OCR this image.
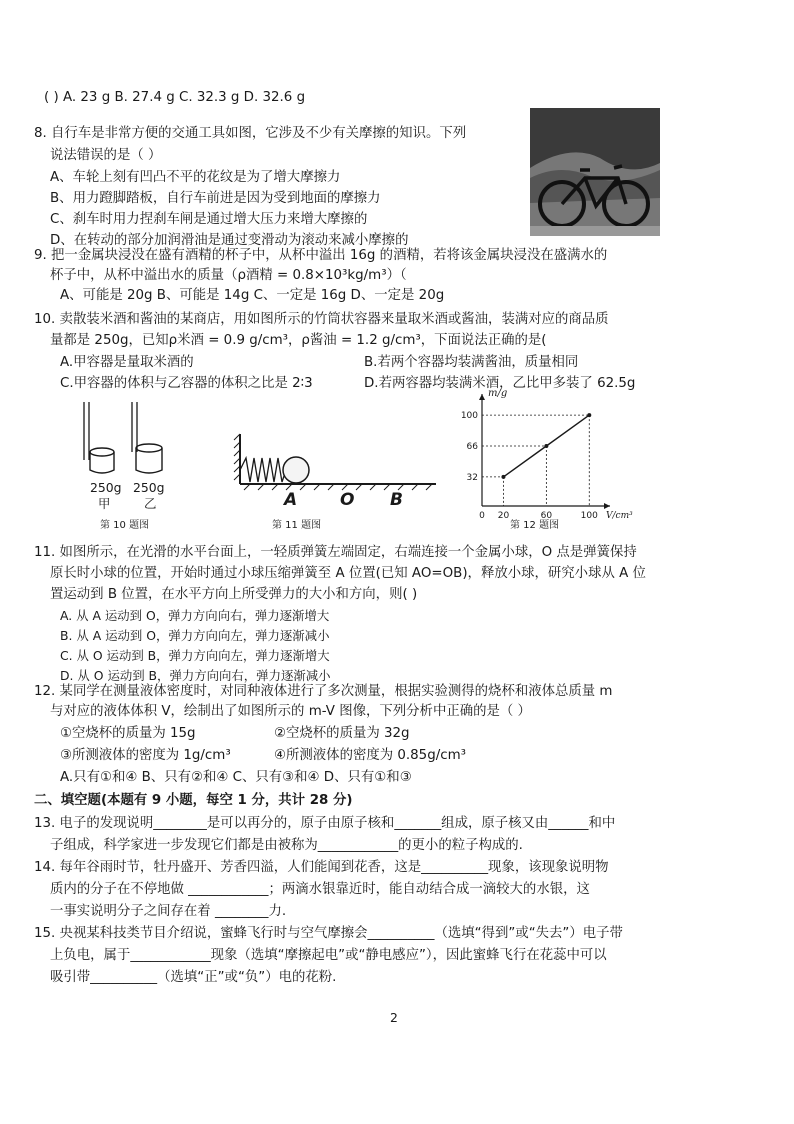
( ) A. 23 g B. 27.4 g C. 32.3 g D. 32.6 g
8. 自行车是非常方便的交通工具如图，它涉及不少有关摩擦的知识。下列
说法错误的是（ ）
A、车轮上刻有凹凸不平的花纹是为了增大摩擦力
B、用力蹬脚踏板，自行车前进是因为受到地面的摩擦力
C、刹车时用力捏刹车闸是通过增大压力来增大摩擦的
D、在转动的部分加润滑油是通过变滑动为滚动来减小摩擦的
9. 把一金属块浸没在盛有酒精的杯子中，从杯中溢出 16g 的酒精，若将该金属块浸没在盛满水的
杯子中，从杯中溢出水的质量（ρ酒精 = 0.8×10³kg/m³）（
A、可能是 20g B、可能是 14g C、一定是 16g D、一定是 20g
10. 卖散装米酒和酱油的某商店，用如图所示的竹筒状容器来量取米酒或酱油，装满对应的商品质
量都是 250g，已知ρ米酒 = 0.9 g/cm³，ρ酱油 = 1.2 g/cm³，下面说法正确的是(
A.甲容器是量取米酒的	B.若两个容器均装满酱油，质量相同
C.甲容器的体积与乙容器的体积之比是 2∶3	D.若两容器均装满米酒，乙比甲多装了 62.5g
250g 250g
甲	乙
第 10 题图
A	O B
第 11 题图
m/g
V/cm³
0 20	60	100
32
66
100
第 12 题图
11. 如图所示，在光滑的水平台面上，一轻质弹簧左端固定，右端连接一个金属小球，O 点是弹簧保持
原长时小球的位置，开始时通过小球压缩弹簧至 A 位置(已知 AO=OB)，释放小球，研究小球从 A 位
置运动到 B 位置，在水平方向上所受弹力的大小和方向，则( )
A. 从 A 运动到 O，弹力方向向右，弹力逐渐增大
B. 从 A 运动到 O，弹力方向向左，弹力逐渐减小
C. 从 O 运动到 B，弹力方向向左，弹力逐渐增大
D. 从 O 运动到 B，弹力方向向右，弹力逐渐减小
12. 某同学在测量液体密度时，对同种液体进行了多次测量，根据实验测得的烧杯和液体总质量 m
与对应的液体体积 V，绘制出了如图所示的 m-V 图像，下列分析中正确的是（ ）
①空烧杯的质量为 15g	②空烧杯的质量为 32g
③所测液体的密度为 1g/cm³	④所测液体的密度为 0.85g/cm³
A.只有①和④ B、只有②和④ C、只有③和④ D、只有①和③
二、填空题(本题有 9 小题，每空 1 分，共计 28 分)
13. 电子的发现说明________是可以再分的，原子由原子核和_______组成，原子核又由______和中
子组成，科学家进一步发现它们都是由被称为____________的更小的粒子构成的.
14. 每年谷雨时节，牡丹盛开、芳香四溢，人们能闻到花香，这是__________现象，该现象说明物
质内的分子在不停地做 ____________；两滴水银靠近时，能自动结合成一滴较大的水银，这
一事实说明分子之间存在着 ________力.
15. 央视某科技类节目介绍说，蜜蜂飞行时与空气摩擦会__________（选填“得到”或“失去”）电子带
上负电，属于____________现象（选填“摩擦起电”或“静电感应”），因此蜜蜂飞行在花蕊中可以
吸引带__________（选填“正”或“负”）电的花粉.
2
